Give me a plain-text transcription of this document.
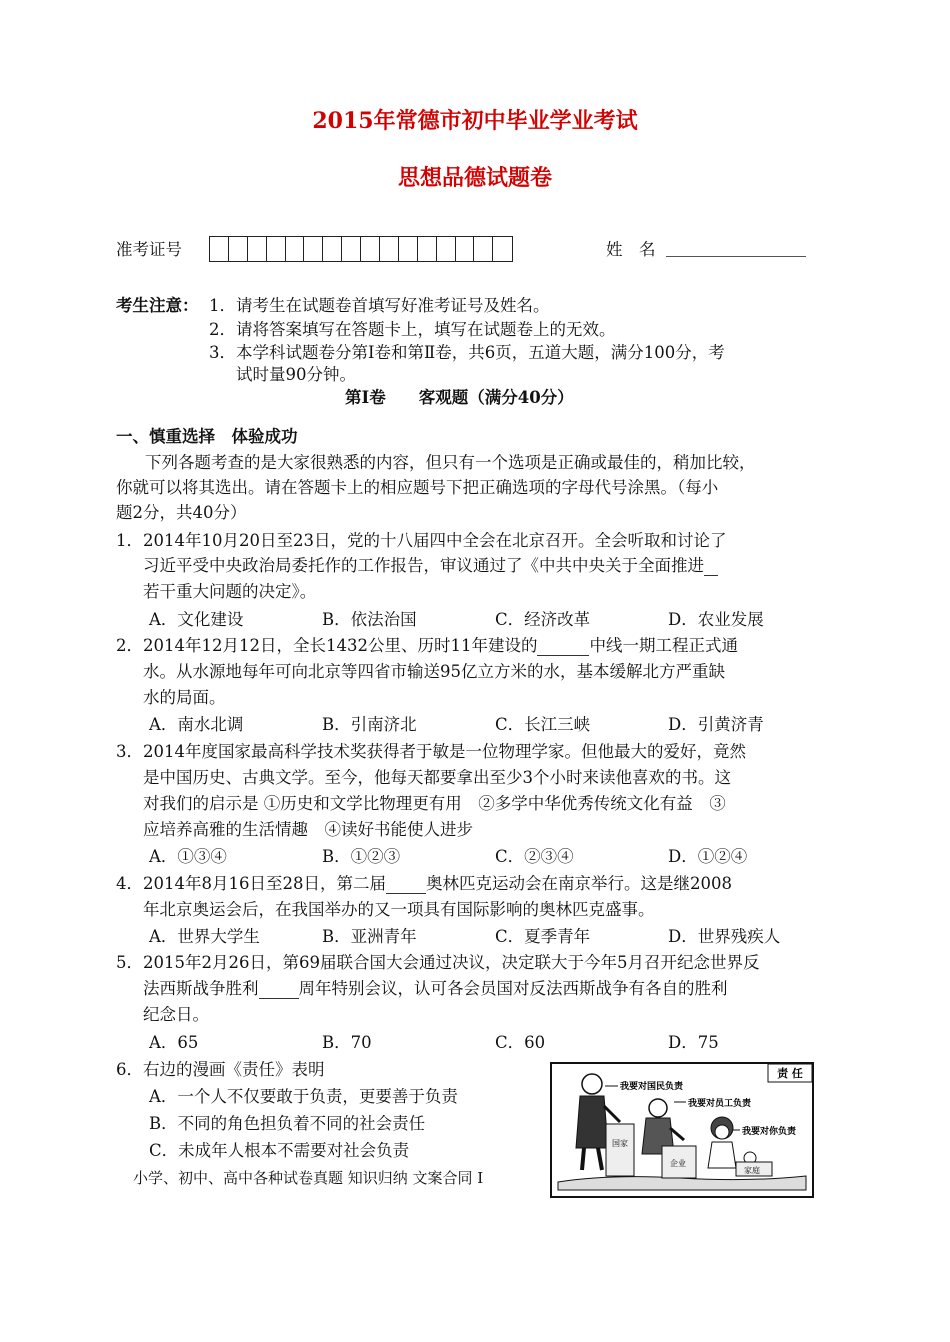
2015年常德市初中毕业学业考试
思想品德试题卷
准考证号	姓　名
考生注意： 1．请考生在试题卷首填写好准考证号及姓名。
2．请将答案填写在答题卡上，填写在试题卷上的无效。
3．本学科试题卷分第Ⅰ卷和第Ⅱ卷，共6页，五道大题，满分100分，考
试时量90分钟。
第Ⅰ卷　　客观题（满分40分）
一、慎重选择　体验成功
下列各题考查的是大家很熟悉的内容，但只有一个选项是正确或最佳的，稍加比较，
你就可以将其选出。请在答题卡上的相应题号下把正确选项的字母代号涂黑。（每小
题2分，共40分）
1．2014年10月20日至23日，党的十八届四中全会在北京召开。全会听取和讨论了
习近平受中央政治局委托作的工作报告，审议通过了《中共中央关于全面推进
若干重大问题的决定》。
A．文化建设	B．依法治国	C．经济改革	D．农业发展
2．2014年12月12日，全长1432公里、历时11年建设的	中线一期工程正式通
水。从水源地每年可向北京等四省市输送95亿立方米的水，基本缓解北方严重缺
水的局面。
A．南水北调	B．引南济北	C．长江三峡	D．引黄济青
3．2014年度国家最高科学技术奖获得者于敏是一位物理学家。但他最大的爱好，竟然
是中国历史、古典文学。至今，他每天都要拿出至少3个小时来读他喜欢的书。这
对我们的启示是 ①历史和文学比物理更有用　②多学中华优秀传统文化有益　③
应培养高雅的生活情趣　④读好书能使人进步
A．①③④	B．①②③	C．②③④	D．①②④
4．2014年8月16日至28日，第二届 奥林匹克运动会在南京举行。这是继2008
年北京奥运会后，在我国举办的又一项具有国际影响的奥林匹克盛事。
A．世界大学生	B．亚洲青年	C．夏季青年	D．世界残疾人
5．2015年2月26日，第69届联合国大会通过决议，决定联大于今年5月召开纪念世界反
法西斯战争胜利 周年特别会议，认可各会员国对反法西斯战争有各自的胜利
纪念日。
A．65	B．70	C．60	D．75
6．右边的漫画《责任》表明
A．一个人不仅要敢于负责，更要善于负责
B．不同的角色担负着不同的社会责任
C．未成年人根本不需要对社会负责
小学、初中、高中各种试卷真题 知识归纳 文案合同 I
责 任
我要对国民负责
我要对员工负责
我要对你负责
国家
企业
家庭
